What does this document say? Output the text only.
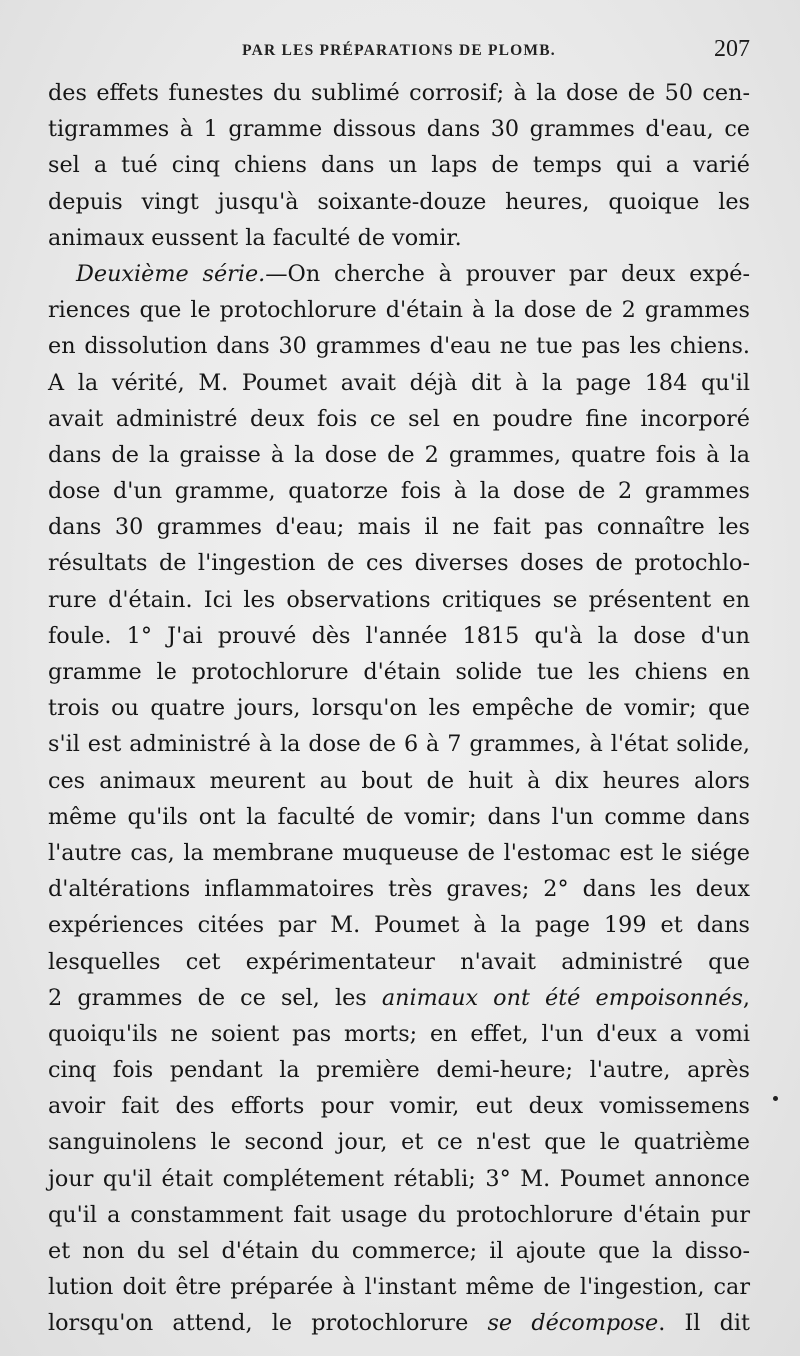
PAR LES PRÉPARATIONS DE PLOMB.	207
des effets funestes du sublimé corrosif; à la dose de 50 cen-
tigrammes à 1 gramme dissous dans 30 grammes d'eau, ce
sel a tué cinq chiens dans un laps de temps qui a varié
depuis vingt jusqu'à soixante-douze heures, quoique les
animaux eussent la faculté de vomir.
Deuxième série.—On cherche à prouver par deux expé-
riences que le protochlorure d'étain à la dose de 2 grammes
en dissolution dans 30 grammes d'eau ne tue pas les chiens.
A la vérité, M. Poumet avait déjà dit à la page 184 qu'il
avait administré deux fois ce sel en poudre fine incorporé
dans de la graisse à la dose de 2 grammes, quatre fois à la
dose d'un gramme, quatorze fois à la dose de 2 grammes
dans 30 grammes d'eau; mais il ne fait pas connaître les
résultats de l'ingestion de ces diverses doses de protochlo-
rure d'étain. Ici les observations critiques se présentent en
foule. 1° J'ai prouvé dès l'année 1815 qu'à la dose d'un
gramme le protochlorure d'étain solide tue les chiens en
trois ou quatre jours, lorsqu'on les empêche de vomir; que
s'il est administré à la dose de 6 à 7 grammes, à l'état solide,
ces animaux meurent au bout de huit à dix heures alors
même qu'ils ont la faculté de vomir; dans l'un comme dans
l'autre cas, la membrane muqueuse de l'estomac est le siége
d'altérations inflammatoires très graves; 2° dans les deux
expériences citées par M. Poumet à la page 199 et dans
lesquelles cet expérimentateur n'avait administré que
2 grammes de ce sel, les animaux ont été empoisonnés,
quoiqu'ils ne soient pas morts; en effet, l'un d'eux a vomi
cinq fois pendant la première demi-heure; l'autre, après
avoir fait des efforts pour vomir, eut deux vomissemens
sanguinolens le second jour, et ce n'est que le quatrième
jour qu'il était complétement rétabli; 3° M. Poumet annonce
qu'il a constamment fait usage du protochlorure d'étain pur
et non du sel d'étain du commerce; il ajoute que la disso-
lution doit être préparée à l'instant même de l'ingestion, car
lorsqu'on attend, le protochlorure se décompose. Il dit
